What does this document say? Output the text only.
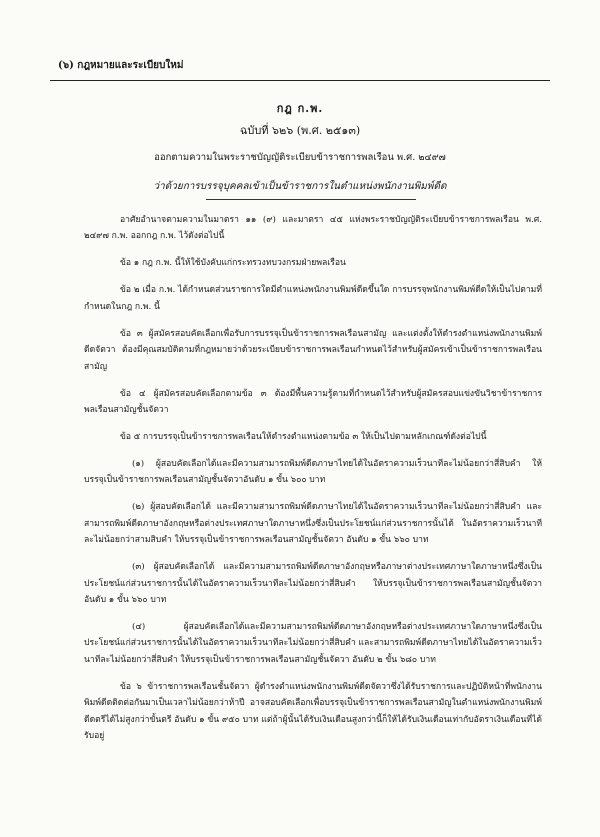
(๖) กฎหมายและระเบียบใหม่
กฎ ก.พ.
ฉบับที่ ๖๒๖ (พ.ศ. ๒๕๑๓)
ออกตามความในพระราชบัญญัติระเบียบข้าราชการพลเรือน พ.ศ. ๒๔๙๗
ว่าด้วยการบรรจุบุคคลเข้าเป็นข้าราชการในตำแหน่งพนักงานพิมพ์ดีด

อาศัยอำนาจตามความในมาตรา ๑๑ (๙) และมาตรา ๔๕ แห่งพระราชบัญญัติระเบียบข้าราชการพลเรือน พ.ศ. ๒๔๙๗ ก.พ. ออกกฎ ก.พ. ไว้ดังต่อไปนี้

ข้อ ๑ กฎ ก.พ. นี้ให้ใช้บังคับแก่กระทรวงทบวงกรมฝ่ายพลเรือน

ข้อ ๒ เมื่อ ก.พ. ได้กำหนดส่วนราชการใดมีตำแหน่งพนักงานพิมพ์ดีดขึ้นใด การบรรจุพนักงานพิมพ์ดีดให้เป็นไปตามที่กำหนดในกฎ ก.พ. นี้

ข้อ ๓ ผู้สมัครสอบคัดเลือกเพื่อรับการบรรจุเป็นข้าราชการพลเรือนสามัญ และแต่งตั้งให้ดำรงตำแหน่งพนักงานพิมพ์ดีดจัตวา ต้องมีคุณสมบัติตามที่กฎหมายว่าด้วยระเบียบข้าราชการพลเรือนกำหนดไว้สำหรับผู้สมัครเข้าเป็นข้าราชการพลเรือนสามัญ

ข้อ ๔ ผู้สมัครสอบคัดเลือกตามข้อ ๓ ต้องมีพื้นความรู้ตามที่กำหนดไว้สำหรับผู้สมัครสอบแข่งขันวิชาข้าราชการพลเรือนสามัญชั้นจัตวา

ข้อ ๕ การบรรจุเป็นข้าราชการพลเรือนให้ดำรงตำแหน่งตามข้อ ๓ ให้เป็นไปตามหลักเกณฑ์ดังต่อไปนี้

(๑) ผู้สอบคัดเลือกได้และมีความสามารถพิมพ์ดีดภาษาไทยได้ในอัตราความเร็วนาทีละไม่น้อยกว่าสี่สิบคำ ให้บรรจุเป็นข้าราชการพลเรือนสามัญชั้นจัตวาอันดับ ๑ ขั้น ๖๐๐ บาท

(๒) ผู้สอบคัดเลือกได้ และมีความสามารถพิมพ์ดีดภาษาไทยได้ในอัตราความเร็วนาทีละไม่น้อยกว่าสี่สิบคำ และสามารถพิมพ์ดีดภาษาอังกฤษหรือต่างประเทศภาษาใดภาษาหนึ่งซึ่งเป็นประโยชน์แก่ส่วนราชการนั้นได้ ในอัตราความเร็วนาทีละไม่น้อยกว่าสามสิบคำ ให้บรรจุเป็นข้าราชการพลเรือนสามัญชั้นจัตวา อันดับ ๑ ขั้น ๖๖๐ บาท

(๓) ผู้สอบคัดเลือกได้ และมีความสามารถพิมพ์ดีดภาษาอังกฤษหรือภาษาต่างประเทศภาษาใดภาษาหนึ่งซึ่งเป็นประโยชน์แก่ส่วนราชการนั้นได้ในอัตราความเร็วนาทีละไม่น้อยกว่าสี่สิบคำ ให้บรรจุเป็นข้าราชการพลเรือนสามัญชั้นจัตวา อันดับ ๑ ขั้น ๖๖๐ บาท

(๔) ผู้สอบคัดเลือกได้และมีความสามารถพิมพ์ดีดภาษาอังกฤษหรือต่างประเทศภาษาใดภาษาหนึ่งซึ่งเป็นประโยชน์แก่ส่วนราชการนั้นได้ในอัตราความเร็วนาทีละไม่น้อยกว่าสี่สิบคำ และสามารถพิมพ์ดีดภาษาไทยได้ในอัตราความเร็วนาทีละไม่น้อยกว่าสี่สิบคำ ให้บรรจุเป็นข้าราชการพลเรือนสามัญชั้นจัตวา อันดับ ๒ ขั้น ๖๘๐ บาท

ข้อ ๖ ข้าราชการพลเรือนชั้นจัตวา ผู้ดำรงตำแหน่งพนักงานพิมพ์ดีดจัตวาซึ่งได้รับราชการและปฏิบัติหน้าที่พนักงานพิมพ์ดีดติดต่อกันมาเป็นเวลาไม่น้อยกว่าห้าปี อาจสอบคัดเลือกเพื่อบรรจุเป็นข้าราชการพลเรือนสามัญในตำแหน่งพนักงานพิมพ์ดีดตรีได้ไม่สูงกว่าขั้นตรี อันดับ ๑ ขั้น ๙๕๐ บาท แต่ถ้าผู้นั้นได้รับเงินเดือนสูงกว่านี้ก็ให้ได้รับเงินเดือนเท่ากับอัตราเงินเดือนที่ได้รับอยู่
